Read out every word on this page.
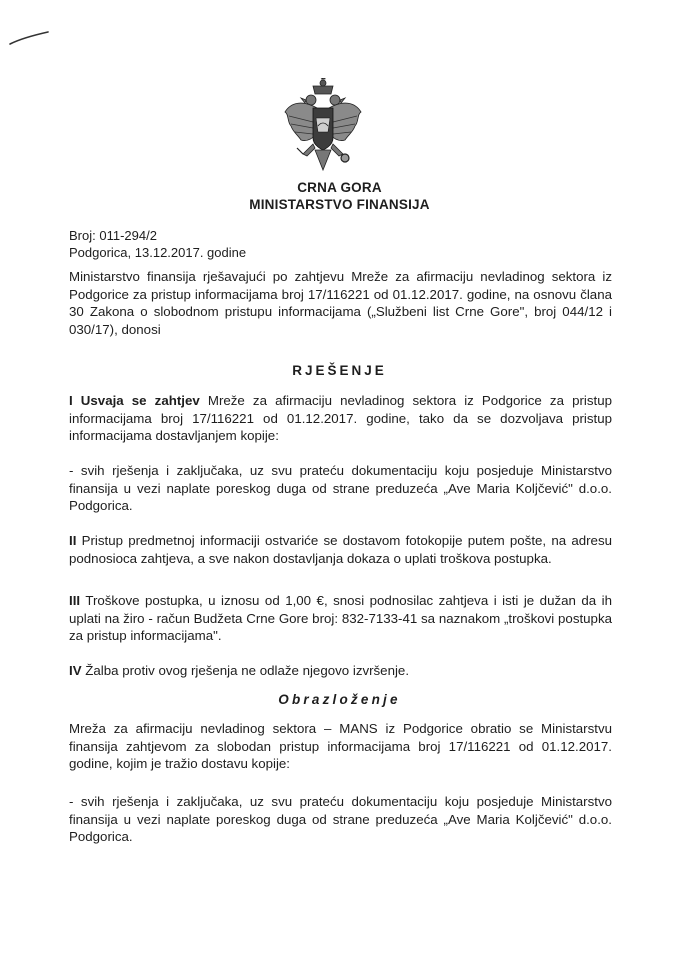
CRNA GORA
MINISTARSTVO FINANSIJA
Broj: 011-294/2
Podgorica, 13.12.2017. godine
Ministarstvo finansija rješavajući po zahtjevu Mreže za afirmaciju nevladinog sektora iz Podgorice za pristup informacijama broj 17/116221 od 01.12.2017. godine, na osnovu člana 30 Zakona o slobodnom pristupu informacijama („Službeni list Crne Gore", broj 044/12 i 030/17), donosi
RJEŠENJE
I Usvaja se zahtjev Mreže za afirmaciju nevladinog sektora iz Podgorice za pristup informacijama broj 17/116221 od 01.12.2017. godine, tako da se dozvoljava pristup informacijama dostavljanjem kopije:
- svih rješenja i zaključaka, uz svu prateću dokumentaciju koju posjeduje Ministarstvo finansija u vezi naplate poreskog duga od strane preduzeća „Ave Maria Koljčević" d.o.o. Podgorica.
II Pristup predmetnoj informaciji ostvariće se dostavom fotokopije putem pošte, na adresu podnosioca zahtjeva, a sve nakon dostavljanja dokaza o uplati troškova postupka.
III Troškove postupka, u iznosu od 1,00 €, snosi podnosilac zahtjeva i isti je dužan da ih uplati na žiro - račun Budžeta Crne Gore broj: 832-7133-41 sa naznakom „troškovi postupka za pristup informacijama".
IV Žalba protiv ovog rješenja ne odlaže njegovo izvršenje.
Obrazloženje
Mreža za afirmaciju nevladinog sektora – MANS iz Podgorice obratio se Ministarstvu finansija zahtjevom za slobodan pristup informacijama broj 17/116221 od 01.12.2017. godine, kojim je tražio dostavu kopije:
- svih rješenja i zaključaka, uz svu prateću dokumentaciju koju posjeduje Ministarstvo finansija u vezi naplate poreskog duga od strane preduzeća „Ave Maria Koljčević" d.o.o. Podgorica.
